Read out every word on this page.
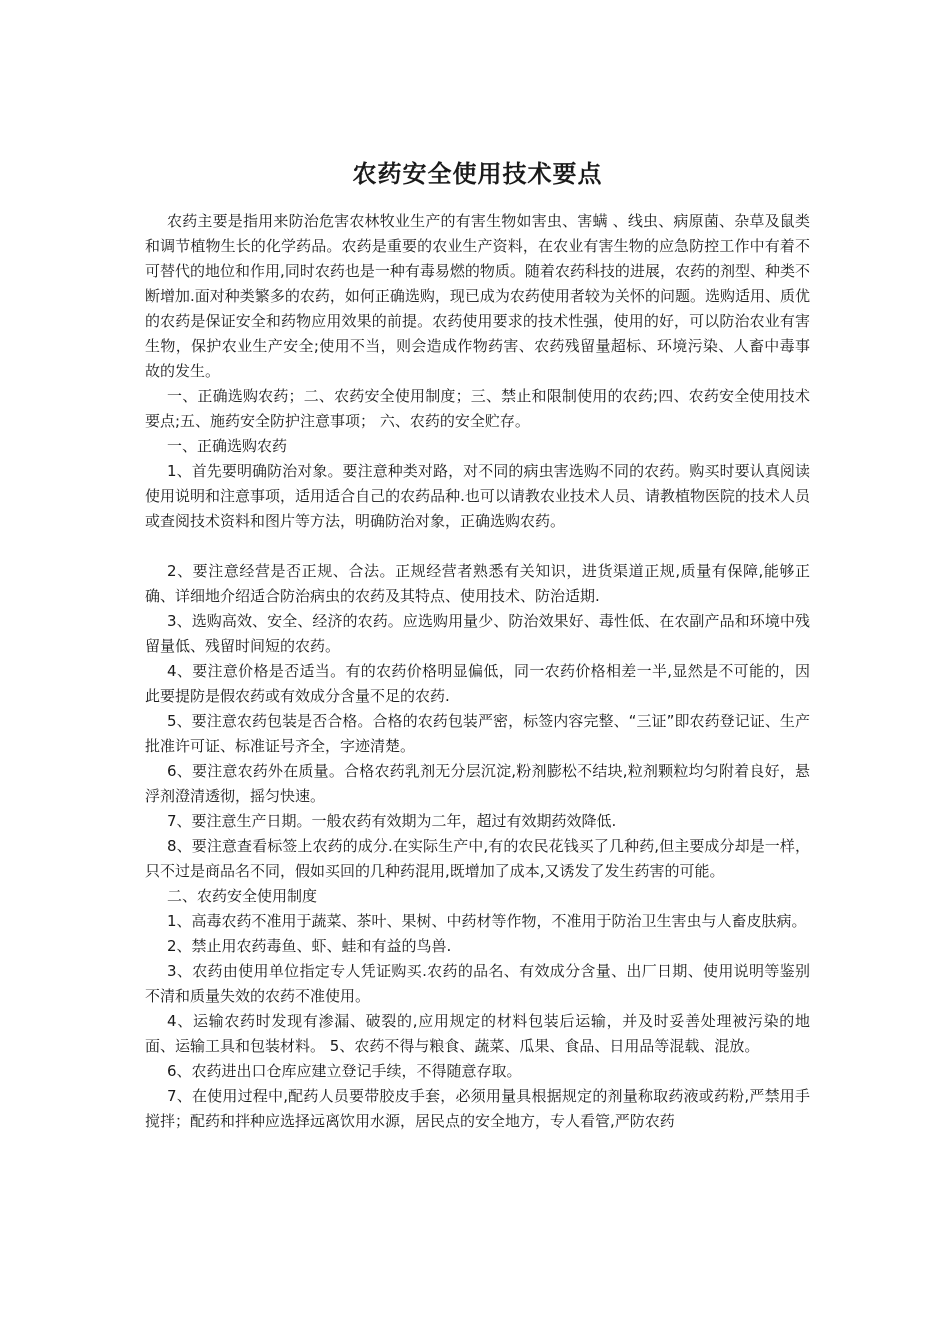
农药安全使用技术要点

农药主要是指用来防治危害农林牧业生产的有害生物如害虫、害螨 、线虫、病原菌、杂草及鼠类和调节植物生长的化学药品。农药是重要的农业生产资料，在农业有害生物的应急防控工作中有着不可替代的地位和作用,同时农药也是一种有毒易燃的物质。随着农药科技的进展，农药的剂型、种类不断增加.面对种类繁多的农药，如何正确选购，现已成为农药使用者较为关怀的问题。选购适用、质优的农药是保证安全和药物应用效果的前提。农药使用要求的技术性强，使用的好，可以防治农业有害生物，保护农业生产安全;使用不当，则会造成作物药害、农药残留量超标、环境污染、人畜中毒事故的发生。

一、正确选购农药；二、农药安全使用制度；三、禁止和限制使用的农药;四、农药安全使用技术要点;五、施药安全防护注意事项； 六、农药的安全贮存。

一、正确选购农药

1、首先要明确防治对象。要注意种类对路，对不同的病虫害选购不同的农药。购买时要认真阅读使用说明和注意事项，适用适合自己的农药品种.也可以请教农业技术人员、请教植物医院的技术人员或查阅技术资料和图片等方法，明确防治对象，正确选购农药。

2、要注意经营是否正规、合法。正规经营者熟悉有关知识，进货渠道正规,质量有保障,能够正确、详细地介绍适合防治病虫的农药及其特点、使用技术、防治适期.

3、选购高效、安全、经济的农药。应选购用量少、防治效果好、毒性低、在农副产品和环境中残留量低、残留时间短的农药。

4、要注意价格是否适当。有的农药价格明显偏低，同一农药价格相差一半,显然是不可能的，因此要提防是假农药或有效成分含量不足的农药.

5、要注意农药包装是否合格。合格的农药包装严密，标签内容完整、“三证”即农药登记证、生产批准许可证、标准证号齐全，字迹清楚。

6、要注意农药外在质量。合格农药乳剂无分层沉淀,粉剂膨松不结块,粒剂颗粒均匀附着良好，悬浮剂澄清透彻，摇匀快速。

7、要注意生产日期。一般农药有效期为二年，超过有效期药效降低.

8、要注意查看标签上农药的成分.在实际生产中,有的农民花钱买了几种药,但主要成分却是一样，只不过是商品名不同，假如买回的几种药混用,既增加了成本,又诱发了发生药害的可能。

二、农药安全使用制度

1、高毒农药不准用于蔬菜、茶叶、果树、中药材等作物，不准用于防治卫生害虫与人畜皮肤病。

2、禁止用农药毒鱼、虾、蛙和有益的鸟兽.

3、农药由使用单位指定专人凭证购买.农药的品名、有效成分含量、出厂日期、使用说明等鉴别不清和质量失效的农药不准使用。

4、运输农药时发现有渗漏、破裂的,应用规定的材料包装后运输，并及时妥善处理被污染的地面、运输工具和包装材料。 5、农药不得与粮食、蔬菜、瓜果、食品、日用品等混载、混放。

6、农药进出口仓库应建立登记手续，不得随意存取。

7、在使用过程中,配药人员要带胶皮手套，必须用量具根据规定的剂量称取药液或药粉,严禁用手搅拌；配药和拌种应选择远离饮用水源，居民点的安全地方，专人看管,严防农药
